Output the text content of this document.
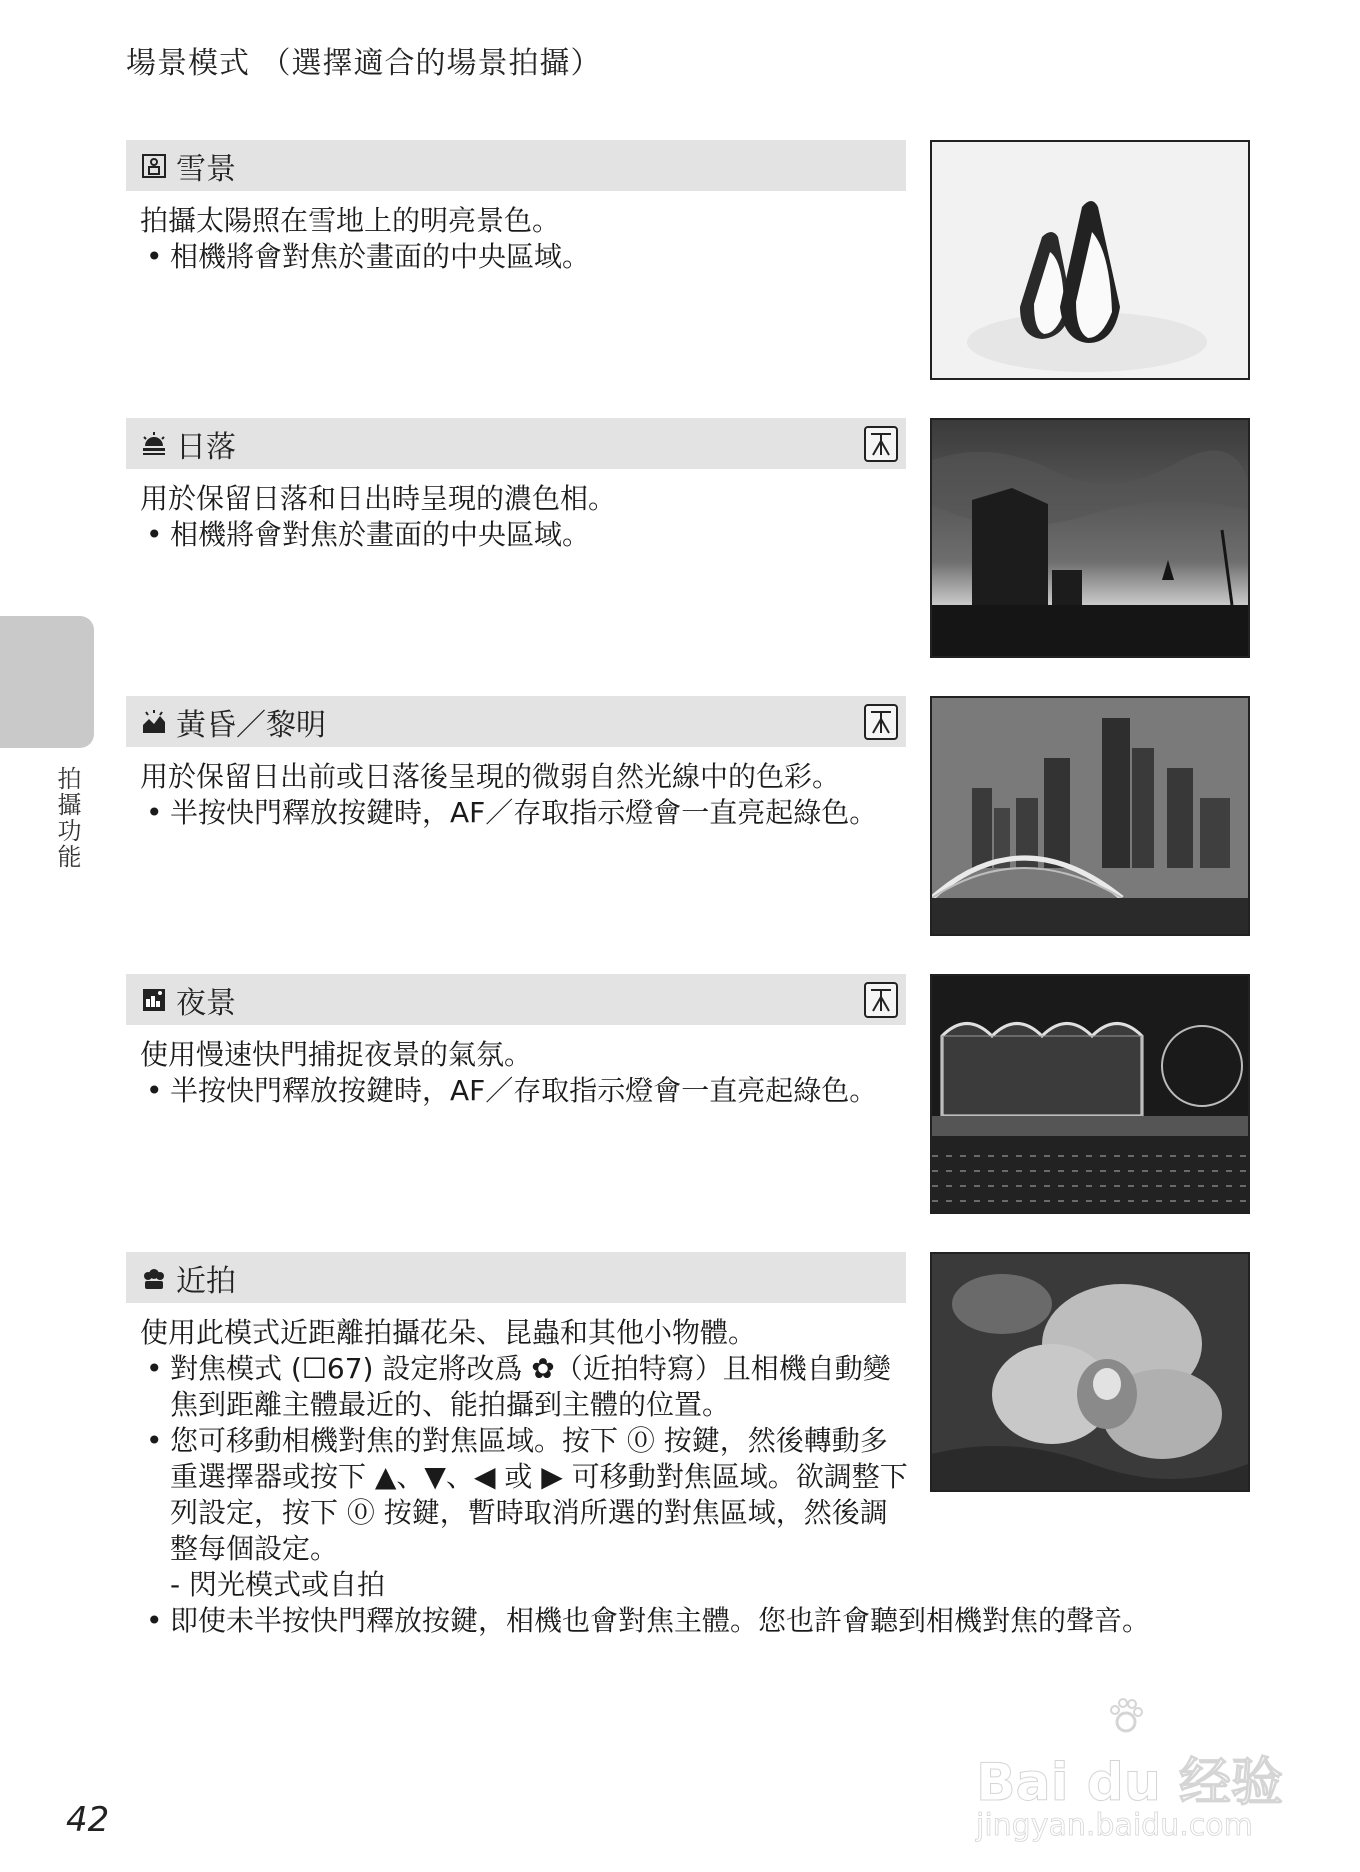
場景模式 （選擇適合的場景拍攝）
拍攝功能
雪景

拍攝太陽照在雪地上的明亮景色。

• 相機將會對焦於畫面的中央區域。
日落

用於保留日落和日出時呈現的濃色相。

• 相機將會對焦於畫面的中央區域。
黃昏／黎明

用於保留日出前或日落後呈現的微弱自然光線中的色彩。

• 半按快門釋放按鍵時，AF／存取指示燈會一直亮起綠色。
夜景

使用慢速快門捕捉夜景的氣氛。

• 半按快門釋放按鍵時，AF／存取指示燈會一直亮起綠色。
近拍

使用此模式近距離拍攝花朵、昆蟲和其他小物體。

• 對焦模式 (☐67) 設定將改爲 ✿（近拍特寫）且相機自動變焦到距離主體最近的、能拍攝到主體的位置。
• 您可移動相機對焦的對焦區域。按下 ⓪ 按鍵，然後轉動多重選擇器或按下 ▲、▼、◀ 或 ▶ 可移動對焦區域。欲調整下列設定，按下 ⓪ 按鍵，暫時取消所選的對焦區域，然後調整每個設定。
- 閃光模式或自拍
• 即使未半按快門釋放按鍵，相機也會對焦主體。您也許會聽到相機對焦的聲音。
42
Bai du 经验
jingyan.baidu.com
